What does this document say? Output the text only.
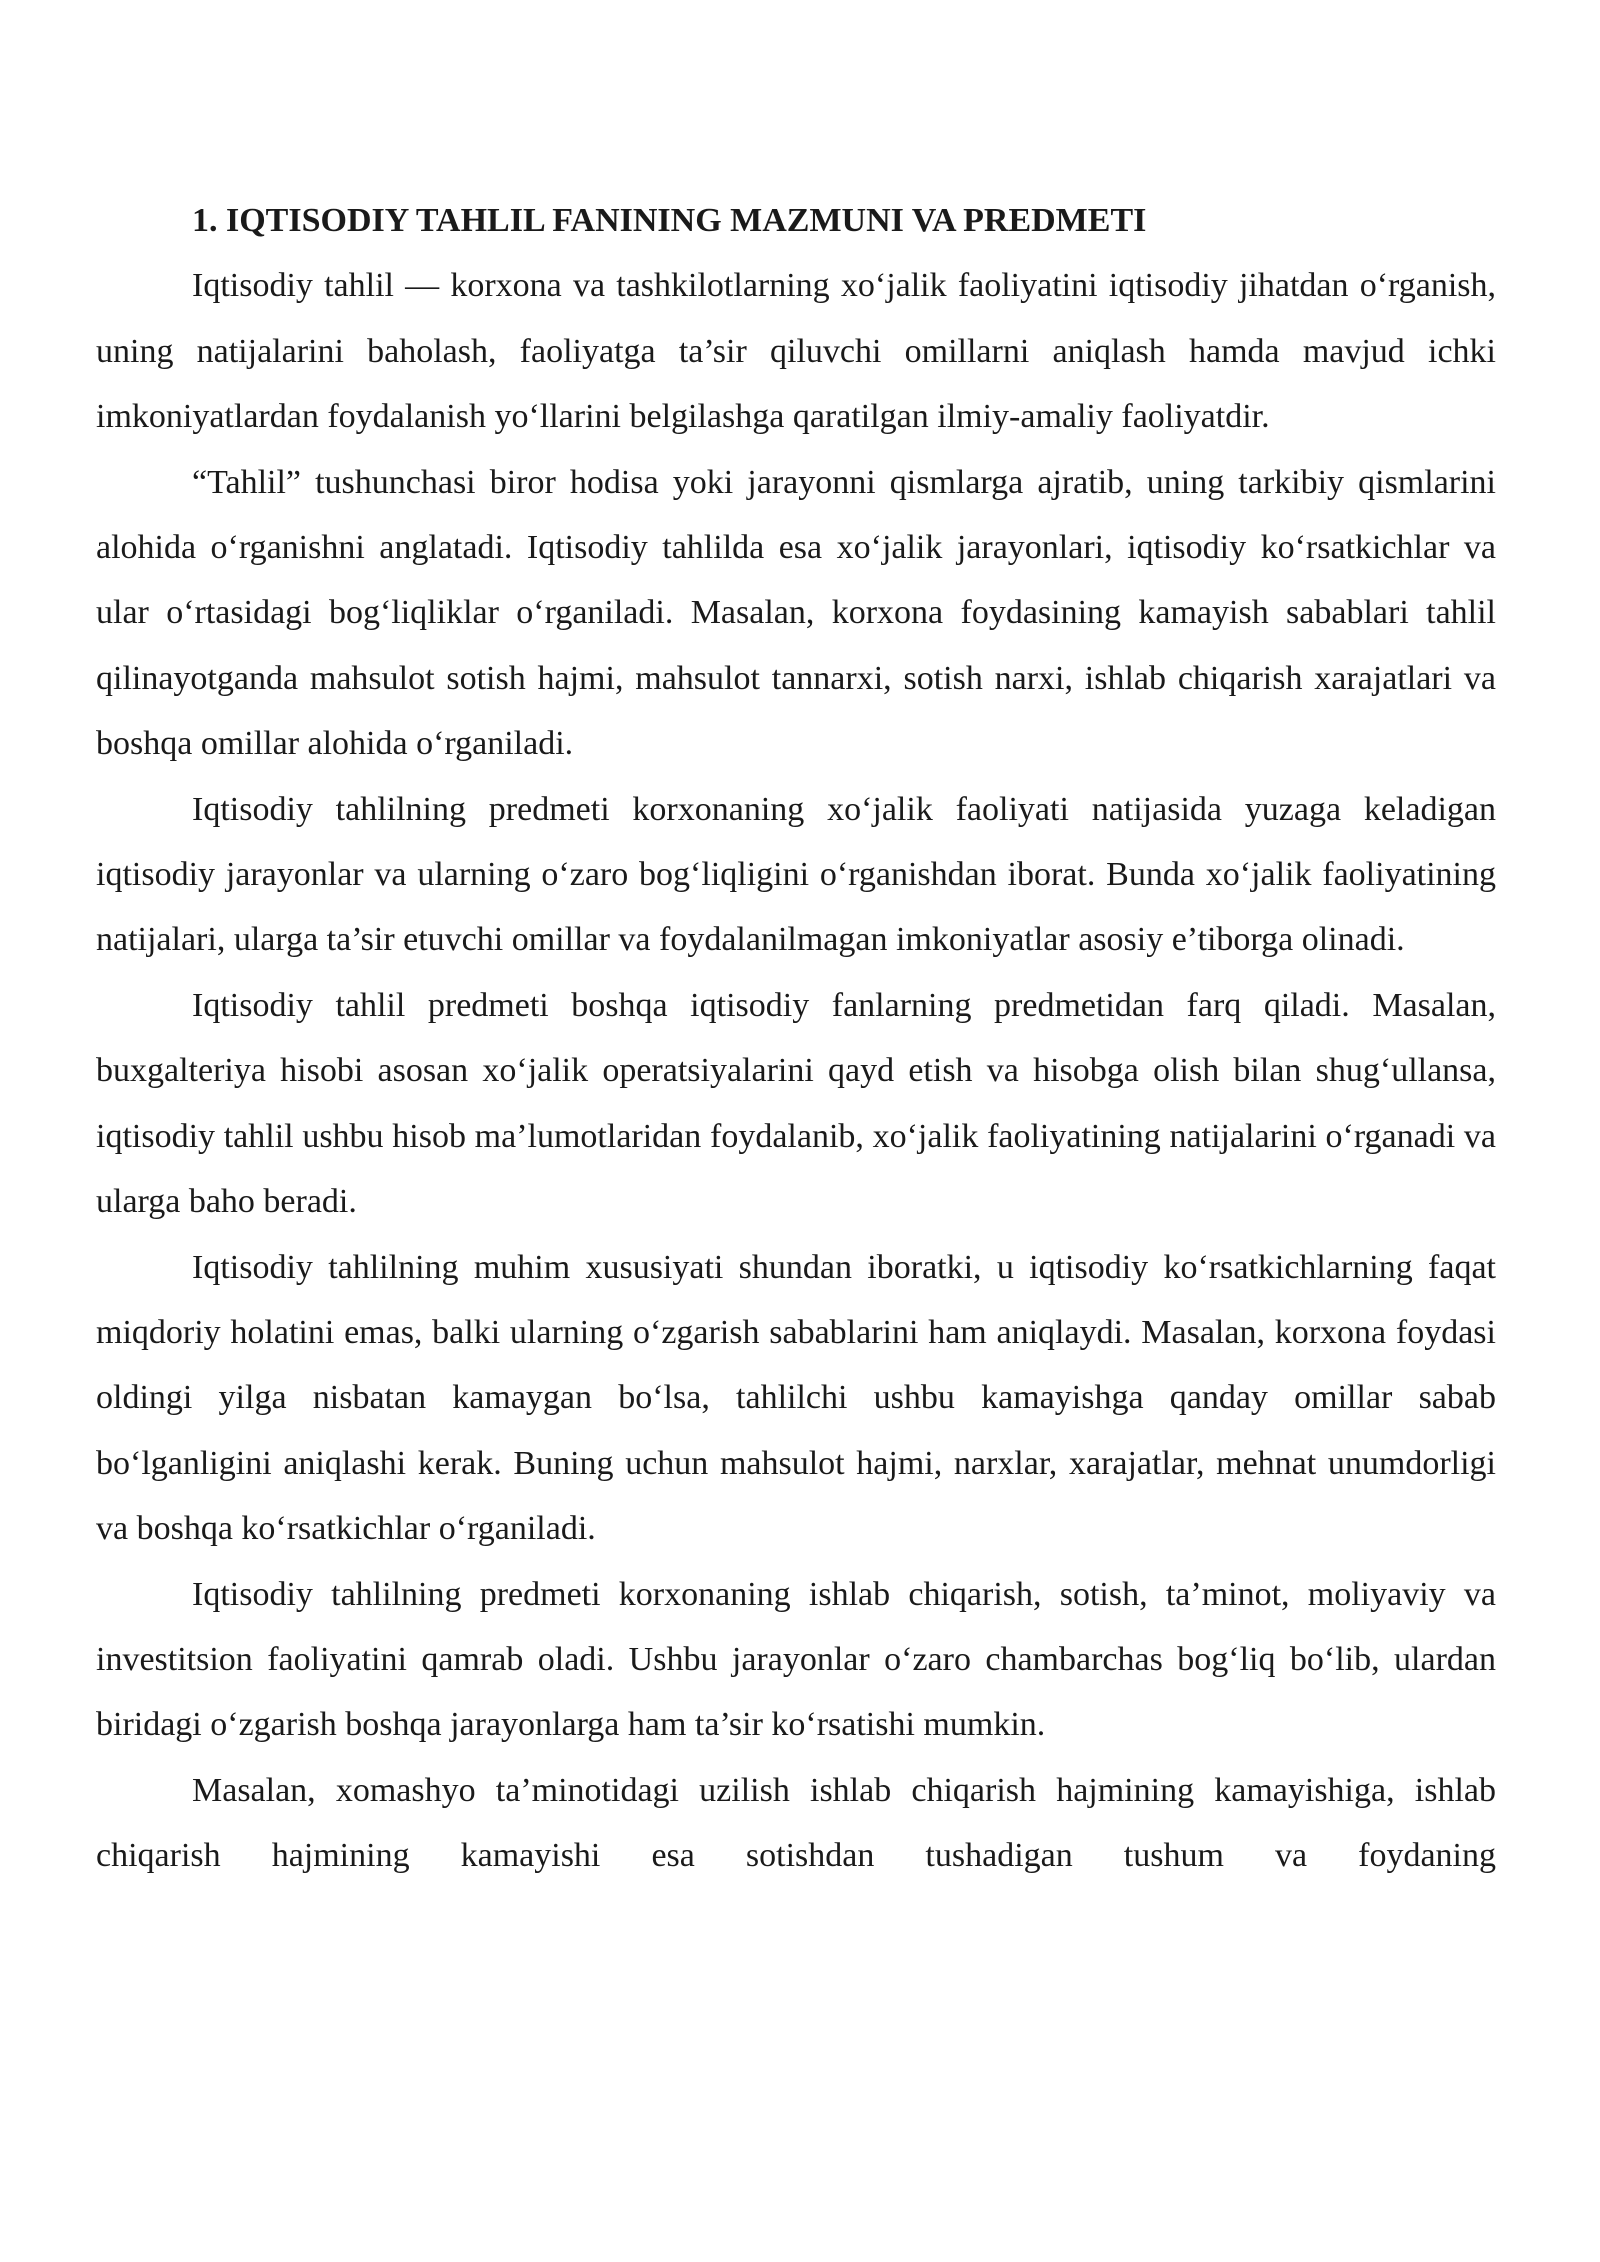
1. IQTISODIY TAHLIL FANINING MAZMUNI VA PREDMETI

Iqtisodiy tahlil — korxona va tashkilotlarning xo‘jalik faoliyatini iqtisodiy jihatdan o‘rganish, uning natijalarini baholash, faoliyatga ta’sir qiluvchi omillarni aniqlash hamda mavjud ichki imkoniyatlardan foydalanish yo‘llarini belgilashga qaratilgan ilmiy-amaliy faoliyatdir.

“Tahlil” tushunchasi biror hodisa yoki jarayonni qismlarga ajratib, uning tarkibiy qismlarini alohida o‘rganishni anglatadi. Iqtisodiy tahlilda esa xo‘jalik jarayonlari, iqtisodiy ko‘rsatkichlar va ular o‘rtasidagi bog‘liqliklar o‘rganiladi. Masalan, korxona foydasining kamayish sabablari tahlil qilinayotganda mahsulot sotish hajmi, mahsulot tannarxi, sotish narxi, ishlab chiqarish xarajatlari va boshqa omillar alohida o‘rganiladi.

Iqtisodiy tahlilning predmeti korxonaning xo‘jalik faoliyati natijasida yuzaga keladigan iqtisodiy jarayonlar va ularning o‘zaro bog‘liqligini o‘rganishdan iborat. Bunda xo‘jalik faoliyatining natijalari, ularga ta’sir etuvchi omillar va foydalanilmagan imkoniyatlar asosiy e’tiborga olinadi.

Iqtisodiy tahlil predmeti boshqa iqtisodiy fanlarning predmetidan farq qiladi. Masalan, buxgalteriya hisobi asosan xo‘jalik operatsiyalarini qayd etish va hisobga olish bilan shug‘ullansa, iqtisodiy tahlil ushbu hisob ma’lumotlaridan foydalanib, xo‘jalik faoliyatining natijalarini o‘rganadi va ularga baho beradi.

Iqtisodiy tahlilning muhim xususiyati shundan iboratki, u iqtisodiy ko‘rsatkichlarning faqat miqdoriy holatini emas, balki ularning o‘zgarish sabablarini ham aniqlaydi. Masalan, korxona foydasi oldingi yilga nisbatan kamaygan bo‘lsa, tahlilchi ushbu kamayishga qanday omillar sabab bo‘lganligini aniqlashi kerak. Buning uchun mahsulot hajmi, narxlar, xarajatlar, mehnat unumdorligi va boshqa ko‘rsatkichlar o‘rganiladi.

Iqtisodiy tahlilning predmeti korxonaning ishlab chiqarish, sotish, ta’minot, moliyaviy va investitsion faoliyatini qamrab oladi. Ushbu jarayonlar o‘zaro chambarchas bog‘liq bo‘lib, ulardan biridagi o‘zgarish boshqa jarayonlarga ham ta’sir ko‘rsatishi mumkin.

Masalan, xomashyo ta’minotidagi uzilish ishlab chiqarish hajmining kamayishiga, ishlab chiqarish hajmining kamayishi esa sotishdan tushadigan tushum va foydaning
